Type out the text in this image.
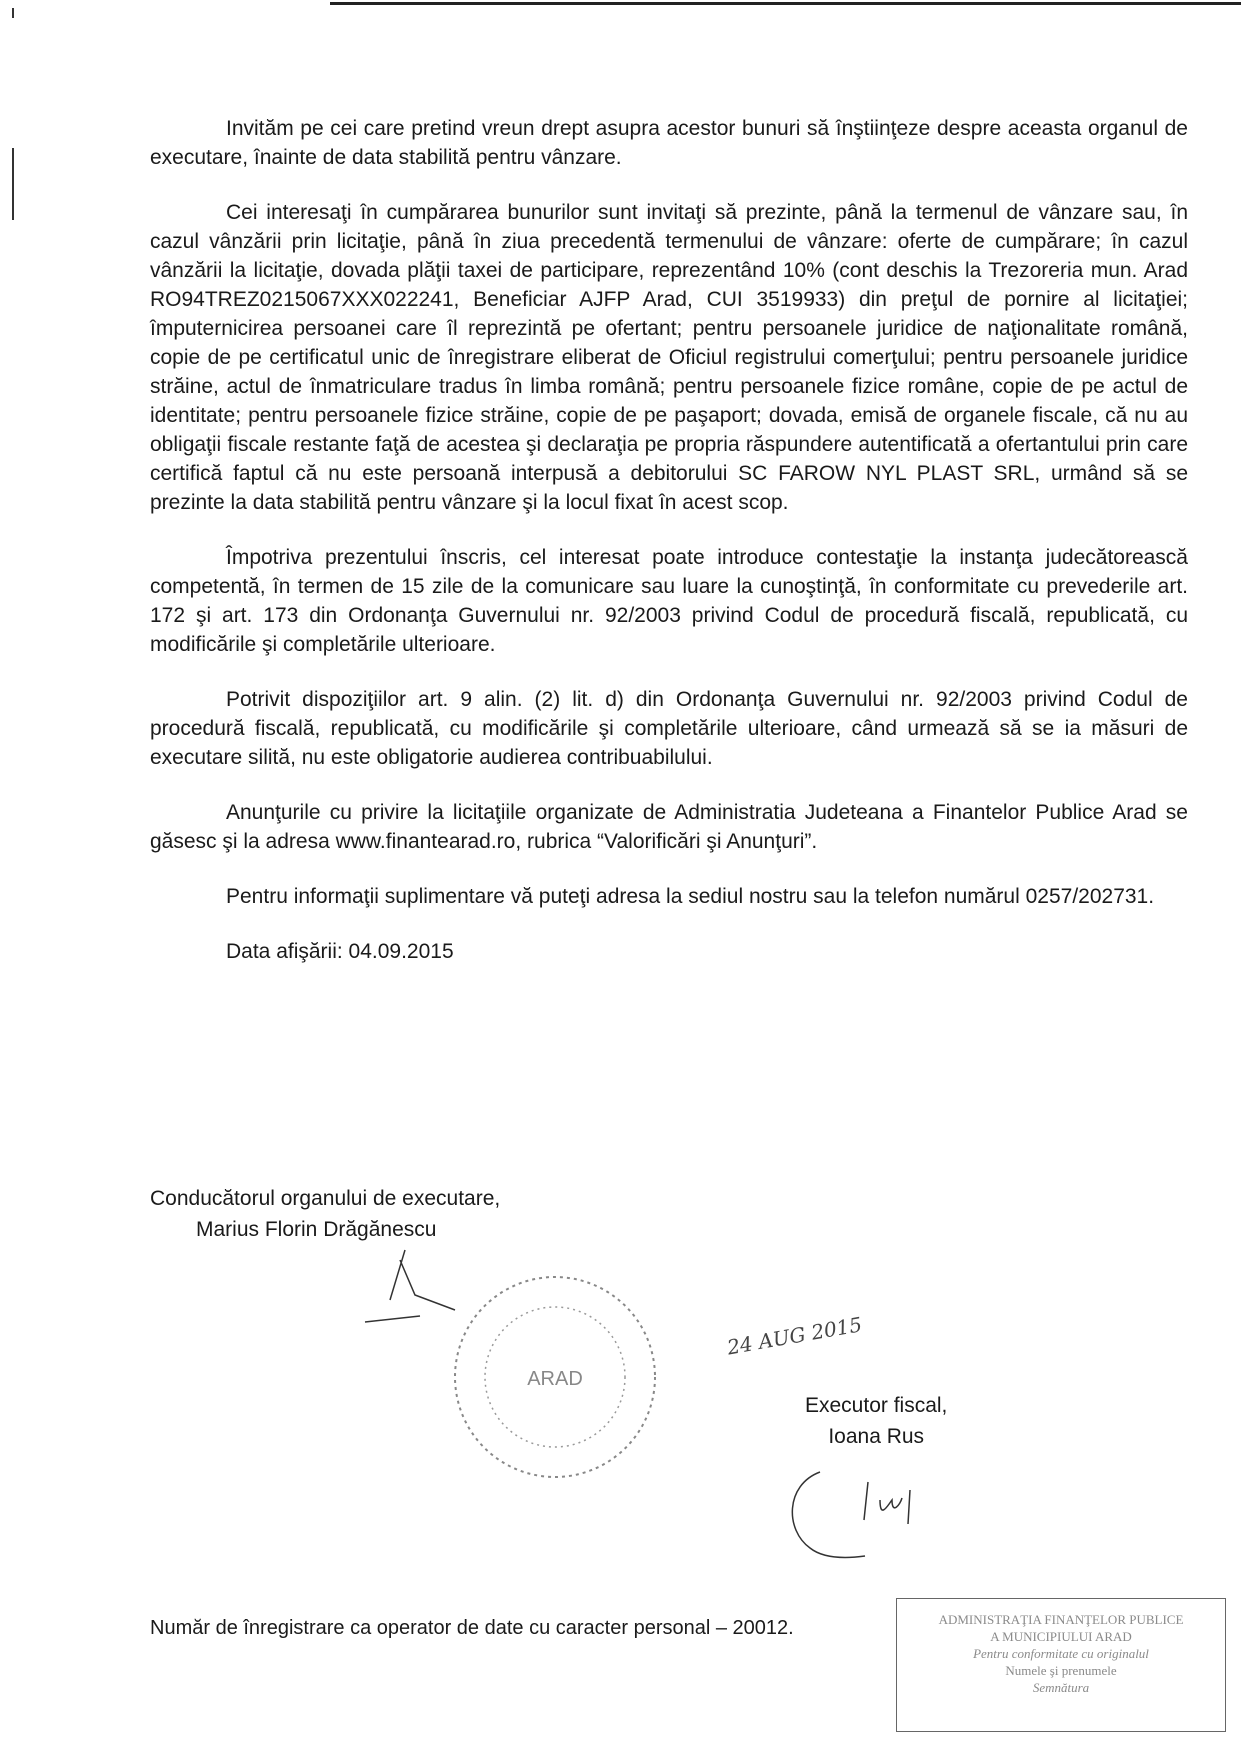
Invităm pe cei care pretind vreun drept asupra acestor bunuri să înştiinţeze despre aceasta organul de executare, înainte de data stabilită pentru vânzare.

Cei interesaţi în cumpărarea bunurilor sunt invitaţi să prezinte, până la termenul de vânzare sau, în cazul vânzării prin licitaţie, până în ziua precedentă termenului de vânzare: oferte de cumpărare; în cazul vânzării la licitaţie, dovada plăţii taxei de participare, reprezentând 10% (cont deschis la Trezoreria mun. Arad RO94TREZ0215067XXX022241, Beneficiar AJFP Arad, CUI 3519933) din preţul de pornire al licitaţiei; împuternicirea persoanei care îl reprezintă pe ofertant; pentru persoanele juridice de naţionalitate română, copie de pe certificatul unic de înregistrare eliberat de Oficiul registrului comerţului; pentru persoanele juridice străine, actul de înmatriculare tradus în limba română; pentru persoanele fizice române, copie de pe actul de identitate; pentru persoanele fizice străine, copie de pe paşaport; dovada, emisă de organele fiscale, că nu au obligaţii fiscale restante faţă de acestea şi declaraţia pe propria răspundere autentificată a ofertantului prin care certifică faptul că nu este persoană interpusă a debitorului SC FAROW NYL PLAST SRL, urmând să se prezinte la data stabilită pentru vânzare şi la locul fixat în acest scop.

Împotriva prezentului înscris, cel interesat poate introduce contestaţie la instanţa judecătorească competentă, în termen de 15 zile de la comunicare sau luare la cunoştinţă, în conformitate cu prevederile art. 172 şi art. 173 din Ordonanţa Guvernului nr. 92/2003 privind Codul de procedură fiscală, republicată, cu modificările şi completările ulterioare.

Potrivit dispoziţiilor art. 9 alin. (2) lit. d) din Ordonanţa Guvernului nr. 92/2003 privind Codul de procedură fiscală, republicată, cu modificările şi completările ulterioare, când urmează să se ia măsuri de executare silită, nu este obligatorie audierea contribuabilului.

Anunţurile cu privire la licitaţiile organizate de Administratia Judeteana a Finantelor Publice Arad se găsesc şi la adresa www.finantearad.ro, rubrica “Valorificări şi Anunţuri”.

Pentru informaţii suplimentare vă puteţi adresa la sediul nostru sau la telefon numărul 0257/202731.

Data afişării: 04.09.2015

Conducătorul organului de executare,
Marius Florin Drăgănescu
ARAD
24 AUG 2015
Executor fiscal,
Ioana Rus
Număr de înregistrare ca operator de date cu caracter personal – 20012.	ADMINISTRAŢIA FINANŢELOR PUBLICE
A MUNICIPIULUI ARAD
Pentru conformitate cu originalul
Numele şi prenumele
Semnătura
